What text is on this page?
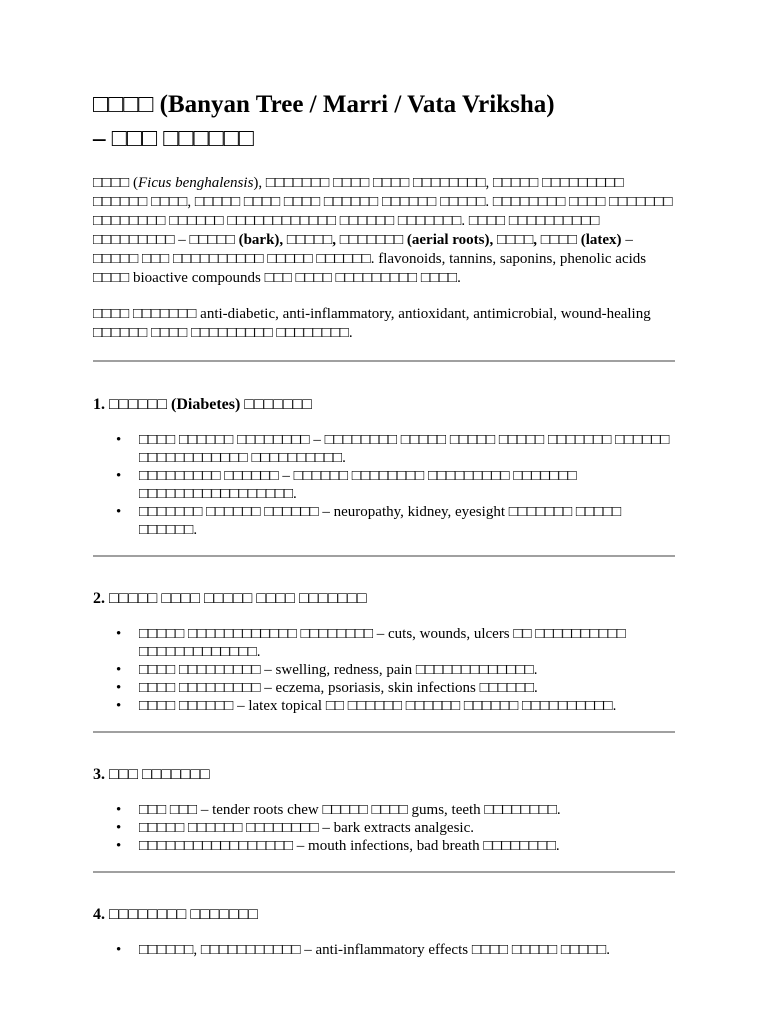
□□□□ (Banyan Tree / Marri / Vata Vriksha)
– □□□ □□□□□□

□□□□ (Ficus benghalensis), □□□□□□□ □□□□ □□□□ □□□□□□□□, □□□□□ □□□□□□□□□ □□□□□□ □□□□, □□□□□ □□□□ □□□□ □□□□□□ □□□□□□ □□□□□. □□□□□□□□ □□□□ □□□□□□□ □□□□□□□□ □□□□□□ □□□□□□□□□□□□ □□□□□□ □□□□□□□. □□□□ □□□□□□□□□□ □□□□□□□□□ – □□□□□ (bark), □□□□□, □□□□□□□ (aerial roots), □□□□, □□□□ (latex) – □□□□□ □□□ □□□□□□□□□□ □□□□□ □□□□□□. flavonoids, tannins, saponins, phenolic acids □□□□ bioactive compounds □□□ □□□□ □□□□□□□□□ □□□□.

□□□□ □□□□□□□ anti-diabetic, anti-inflammatory, antioxidant, antimicrobial, wound-healing □□□□□□ □□□□ □□□□□□□□□ □□□□□□□□.

1. □□□□□□ (Diabetes) □□□□□□□
• □□□□ □□□□□□ □□□□□□□□ – □□□□□□□□ □□□□□ □□□□□ □□□□□ □□□□□□□ □□□□□□ □□□□□□□□□□□□ □□□□□□□□□□.
• □□□□□□□□□ □□□□□□ – □□□□□□ □□□□□□□□ □□□□□□□□□ □□□□□□□ □□□□□□□□□□□□□□□□□.
• □□□□□□□ □□□□□□ □□□□□□ – neuropathy, kidney, eyesight □□□□□□□ □□□□□ □□□□□□.
2. □□□□□ □□□□ □□□□□ □□□□ □□□□□□□
• □□□□□ □□□□□□□□□□□□ □□□□□□□□ – cuts, wounds, ulcers □□ □□□□□□□□□□ □□□□□□□□□□□□□.
• □□□□ □□□□□□□□□ – swelling, redness, pain □□□□□□□□□□□□□.
• □□□□ □□□□□□□□□ – eczema, psoriasis, skin infections □□□□□□.
• □□□□ □□□□□□ – latex topical □□ □□□□□□ □□□□□□ □□□□□□ □□□□□□□□□□.
3. □□□ □□□□□□□
• □□□ □□□ – tender roots chew □□□□□ □□□□ gums, teeth □□□□□□□□.
• □□□□□ □□□□□□ □□□□□□□□ – bark extracts analgesic.
• □□□□□□□□□□□□□□□□□ – mouth infections, bad breath □□□□□□□□.
4. □□□□□□□□ □□□□□□□
• □□□□□□, □□□□□□□□□□□ – anti-inflammatory effects □□□□ □□□□□ □□□□□.
